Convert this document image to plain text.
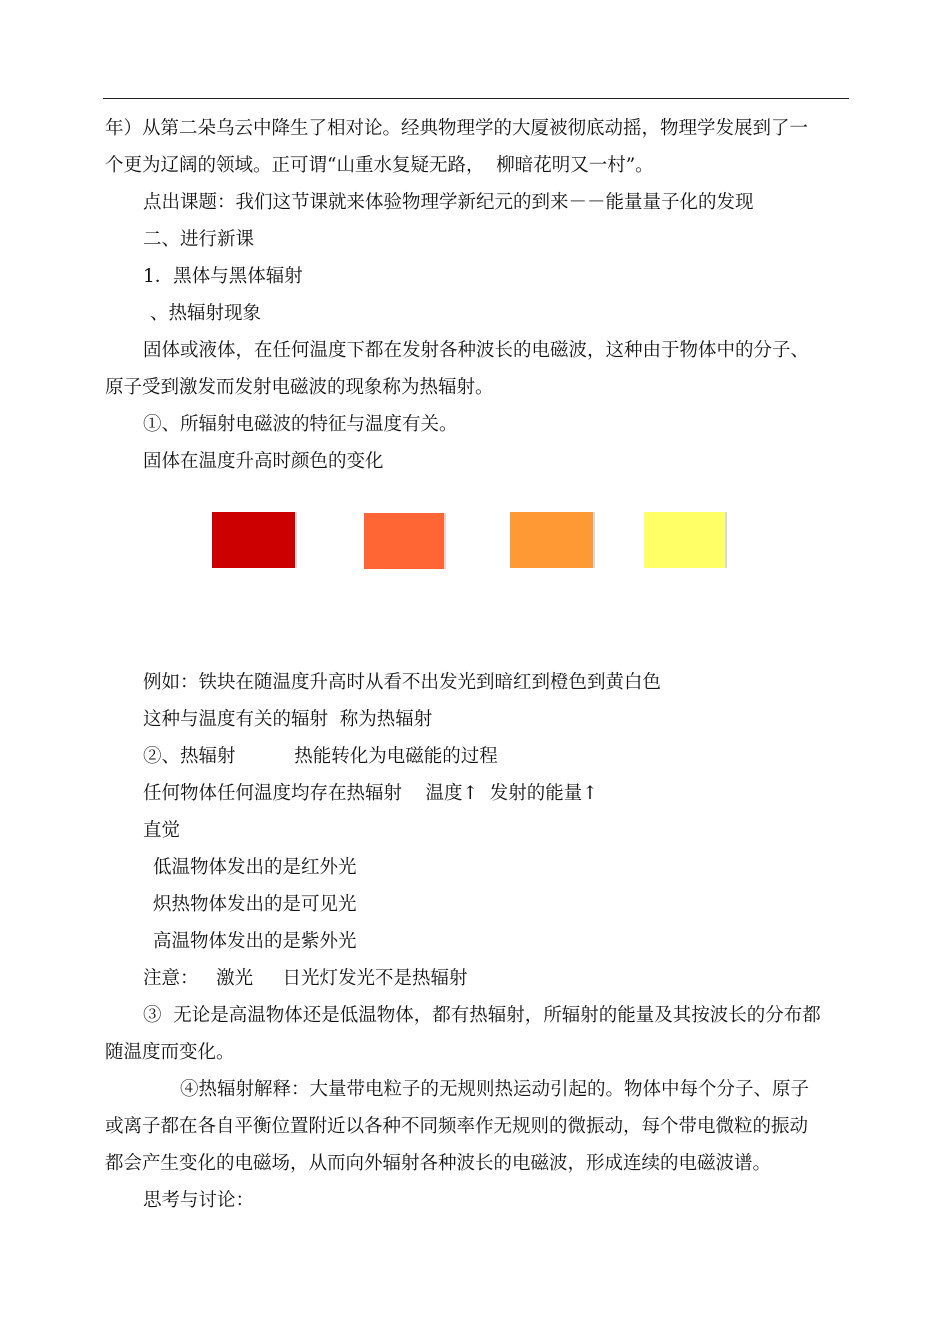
年）从第二朵乌云中降生了相对论。经典物理学的大厦被彻底动摇，物理学发展到了一
个更为辽阔的领域。正可谓“山重水复疑无路，  柳暗花明又一村”。
点出课题：我们这节课就来体验物理学新纪元的到来－－能量量子化的发现
二、进行新课
1．黑体与黑体辐射
、热辐射现象
固体或液体，在任何温度下都在发射各种波长的电磁波，这种由于物体中的分子、
原子受到激发而发射电磁波的现象称为热辐射。
①、所辐射电磁波的特征与温度有关。
固体在温度升高时颜色的变化
例如：铁块在随温度升高时从看不出发光到暗红到橙色到黄白色
这种与温度有关的辐射  称为热辐射
②、热辐射          热能转化为电磁能的过程
任何物体任何温度均存在热辐射    温度↑  发射的能量↑
直觉
低温物体发出的是红外光
炽热物体发出的是可见光
高温物体发出的是紫外光
注意：   激光     日光灯发光不是热辐射
③  无论是高温物体还是低温物体，都有热辐射，所辐射的能量及其按波长的分布都
随温度而变化。
④热辐射解释：大量带电粒子的无规则热运动引起的。物体中每个分子、原子
或离子都在各自平衡位置附近以各种不同频率作无规则的微振动，每个带电微粒的振动
都会产生变化的电磁场，从而向外辐射各种波长的电磁波，形成连续的电磁波谱。
思考与讨论：
